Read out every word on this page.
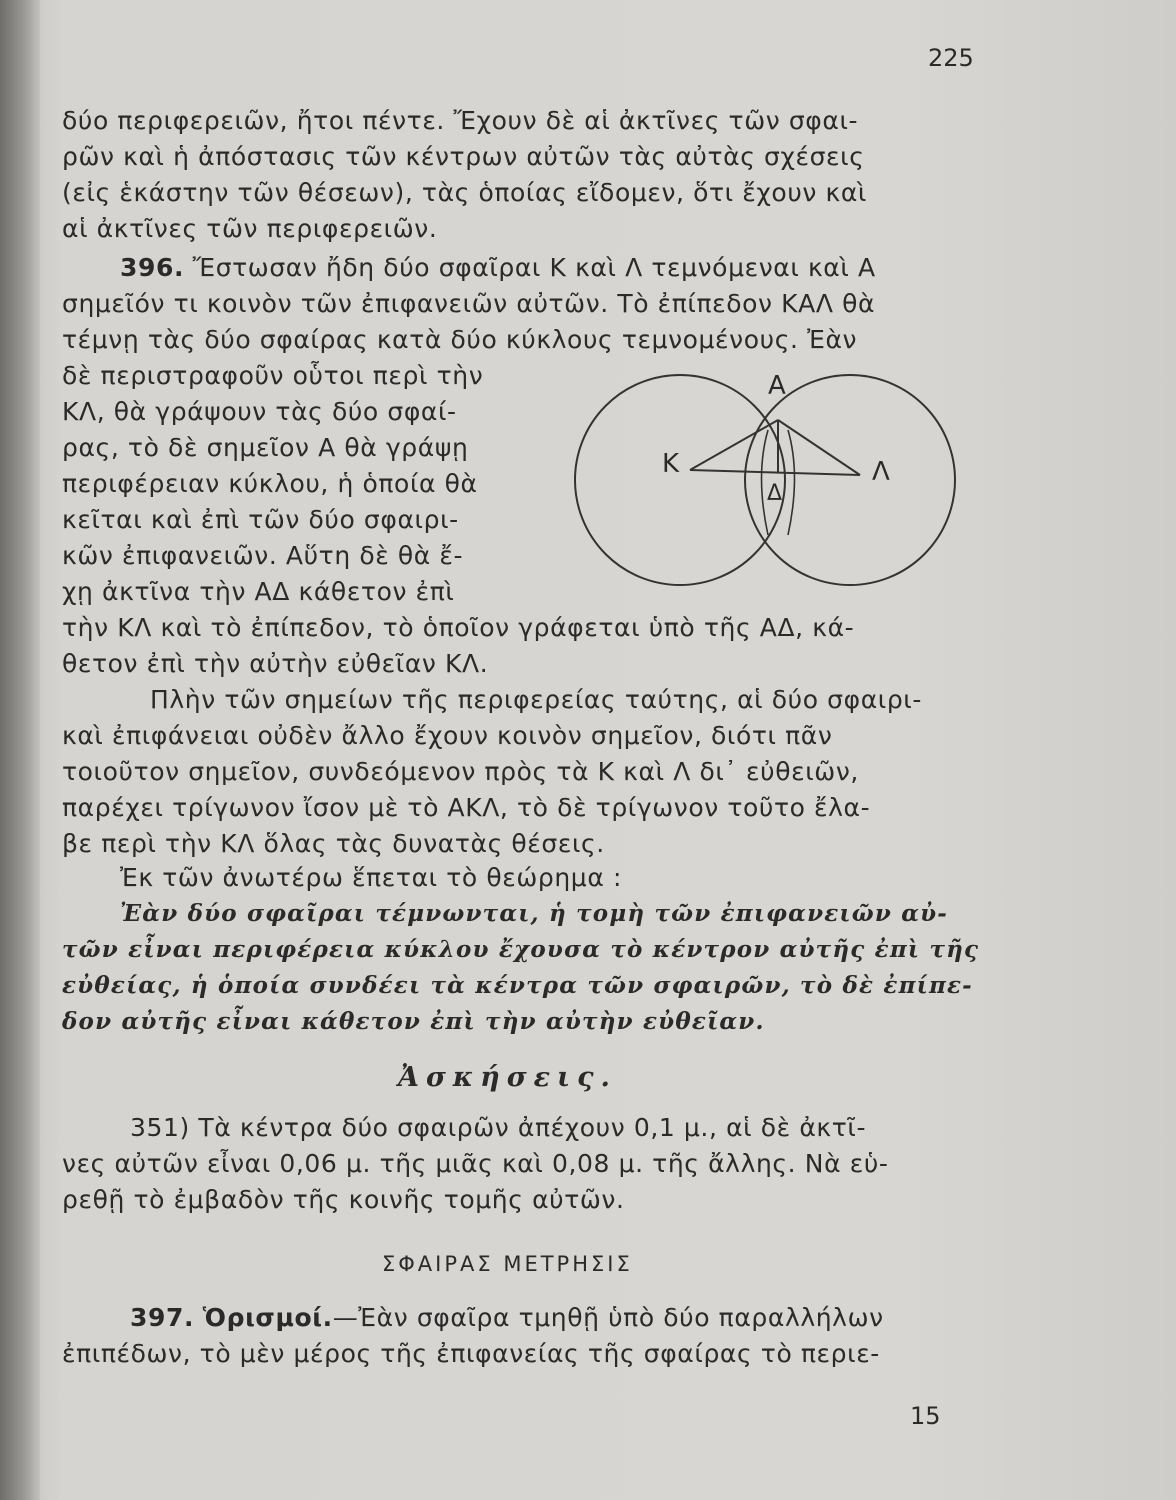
225
δύο περιφερειῶν, ἤτοι πέντε. Ἔχουν δὲ αἱ ἀκτῖνες τῶν σφαι-
ρῶν καὶ ἡ ἀπόστασις τῶν κέντρων αὐτῶν τὰς αὐτὰς σχέσεις
(εἰς ἑκάστην τῶν θέσεων), τὰς ὁποίας εἴδομεν, ὅτι ἔχουν καὶ
αἱ ἀκτῖνες τῶν περιφερειῶν.
396. Ἔστωσαν ἤδη δύο σφαῖραι Κ καὶ Λ τεμνόμεναι καὶ Α
σημεῖόν τι κοινὸν τῶν ἐπιφανειῶν αὐτῶν. Τὸ ἐπίπεδον ΚΑΛ θὰ
τέμνῃ τὰς δύο σφαίρας κατὰ δύο κύκλους τεμνομένους. Ἐὰν
δὲ περιστραφοῦν οὗτοι περὶ τὴν
ΚΛ, θὰ γράψουν τὰς δύο σφαί-
ρας, τὸ δὲ σημεῖον Α θὰ γράψῃ
περιφέρειαν κύκλου, ἡ ὁποία θὰ
κεῖται καὶ ἐπὶ τῶν δύο σφαιρι-
κῶν ἐπιφανειῶν. Αὕτη δὲ θὰ ἔ-
χῃ ἀκτῖνα τὴν ΑΔ κάθετον ἐπὶ
Α
Κ	Λ
Δ
τὴν ΚΛ καὶ τὸ ἐπίπεδον, τὸ ὁποῖον γράφεται ὑπὸ τῆς ΑΔ, κά-
θετον ἐπὶ τὴν αὐτὴν εὐθεῖαν ΚΛ.
Πλὴν τῶν σημείων τῆς περιφερείας ταύτης, αἱ δύο σφαιρι-
καὶ ἐπιφάνειαι οὐδὲν ἄλλο ἔχουν κοινὸν σημεῖον, διότι πᾶν
τοιοῦτον σημεῖον, συνδεόμενον πρὸς τὰ Κ καὶ Λ δι᾽ εὐθειῶν,
παρέχει τρίγωνον ἴσον μὲ τὸ ΑΚΛ, τὸ δὲ τρίγωνον τοῦτο ἔλα-
βε περὶ τὴν ΚΛ ὅλας τὰς δυνατὰς θέσεις.
Ἐκ τῶν ἀνωτέρω ἕπεται τὸ θεώρημα :
Ἐὰν δύο σφαῖραι τέμνωνται, ἡ τομὴ τῶν ἐπιφανειῶν αὐ-
τῶν εἶναι περιφέρεια κύκλου ἔχουσα τὸ κέντρον αὐτῆς ἐπὶ τῆς
εὐθείας, ἡ ὁποία συνδέει τὰ κέντρα τῶν σφαιρῶν, τὸ δὲ ἐπίπε-
δον αὐτῆς εἶναι κάθετον ἐπὶ τὴν αὐτὴν εὐθεῖαν.
Ἀσκήσεις.
351) Τὰ κέντρα δύο σφαιρῶν ἀπέχουν 0,1 μ., αἱ δὲ ἀκτῖ-
νες αὐτῶν εἶναι 0,06 μ. τῆς μιᾶς καὶ 0,08 μ. τῆς ἄλλης. Νὰ εὑ-
ρεθῇ τὸ ἐμβαδὸν τῆς κοινῆς τομῆς αὐτῶν.
ΣΦΑΙΡΑΣ ΜΕΤΡΗΣΙΣ
397. Ὁρισμοί.—Ἐὰν σφαῖρα τμηθῇ ὑπὸ δύο παραλλήλων
ἐπιπέδων, τὸ μὲν μέρος τῆς ἐπιφανείας τῆς σφαίρας τὸ περιε-
15
